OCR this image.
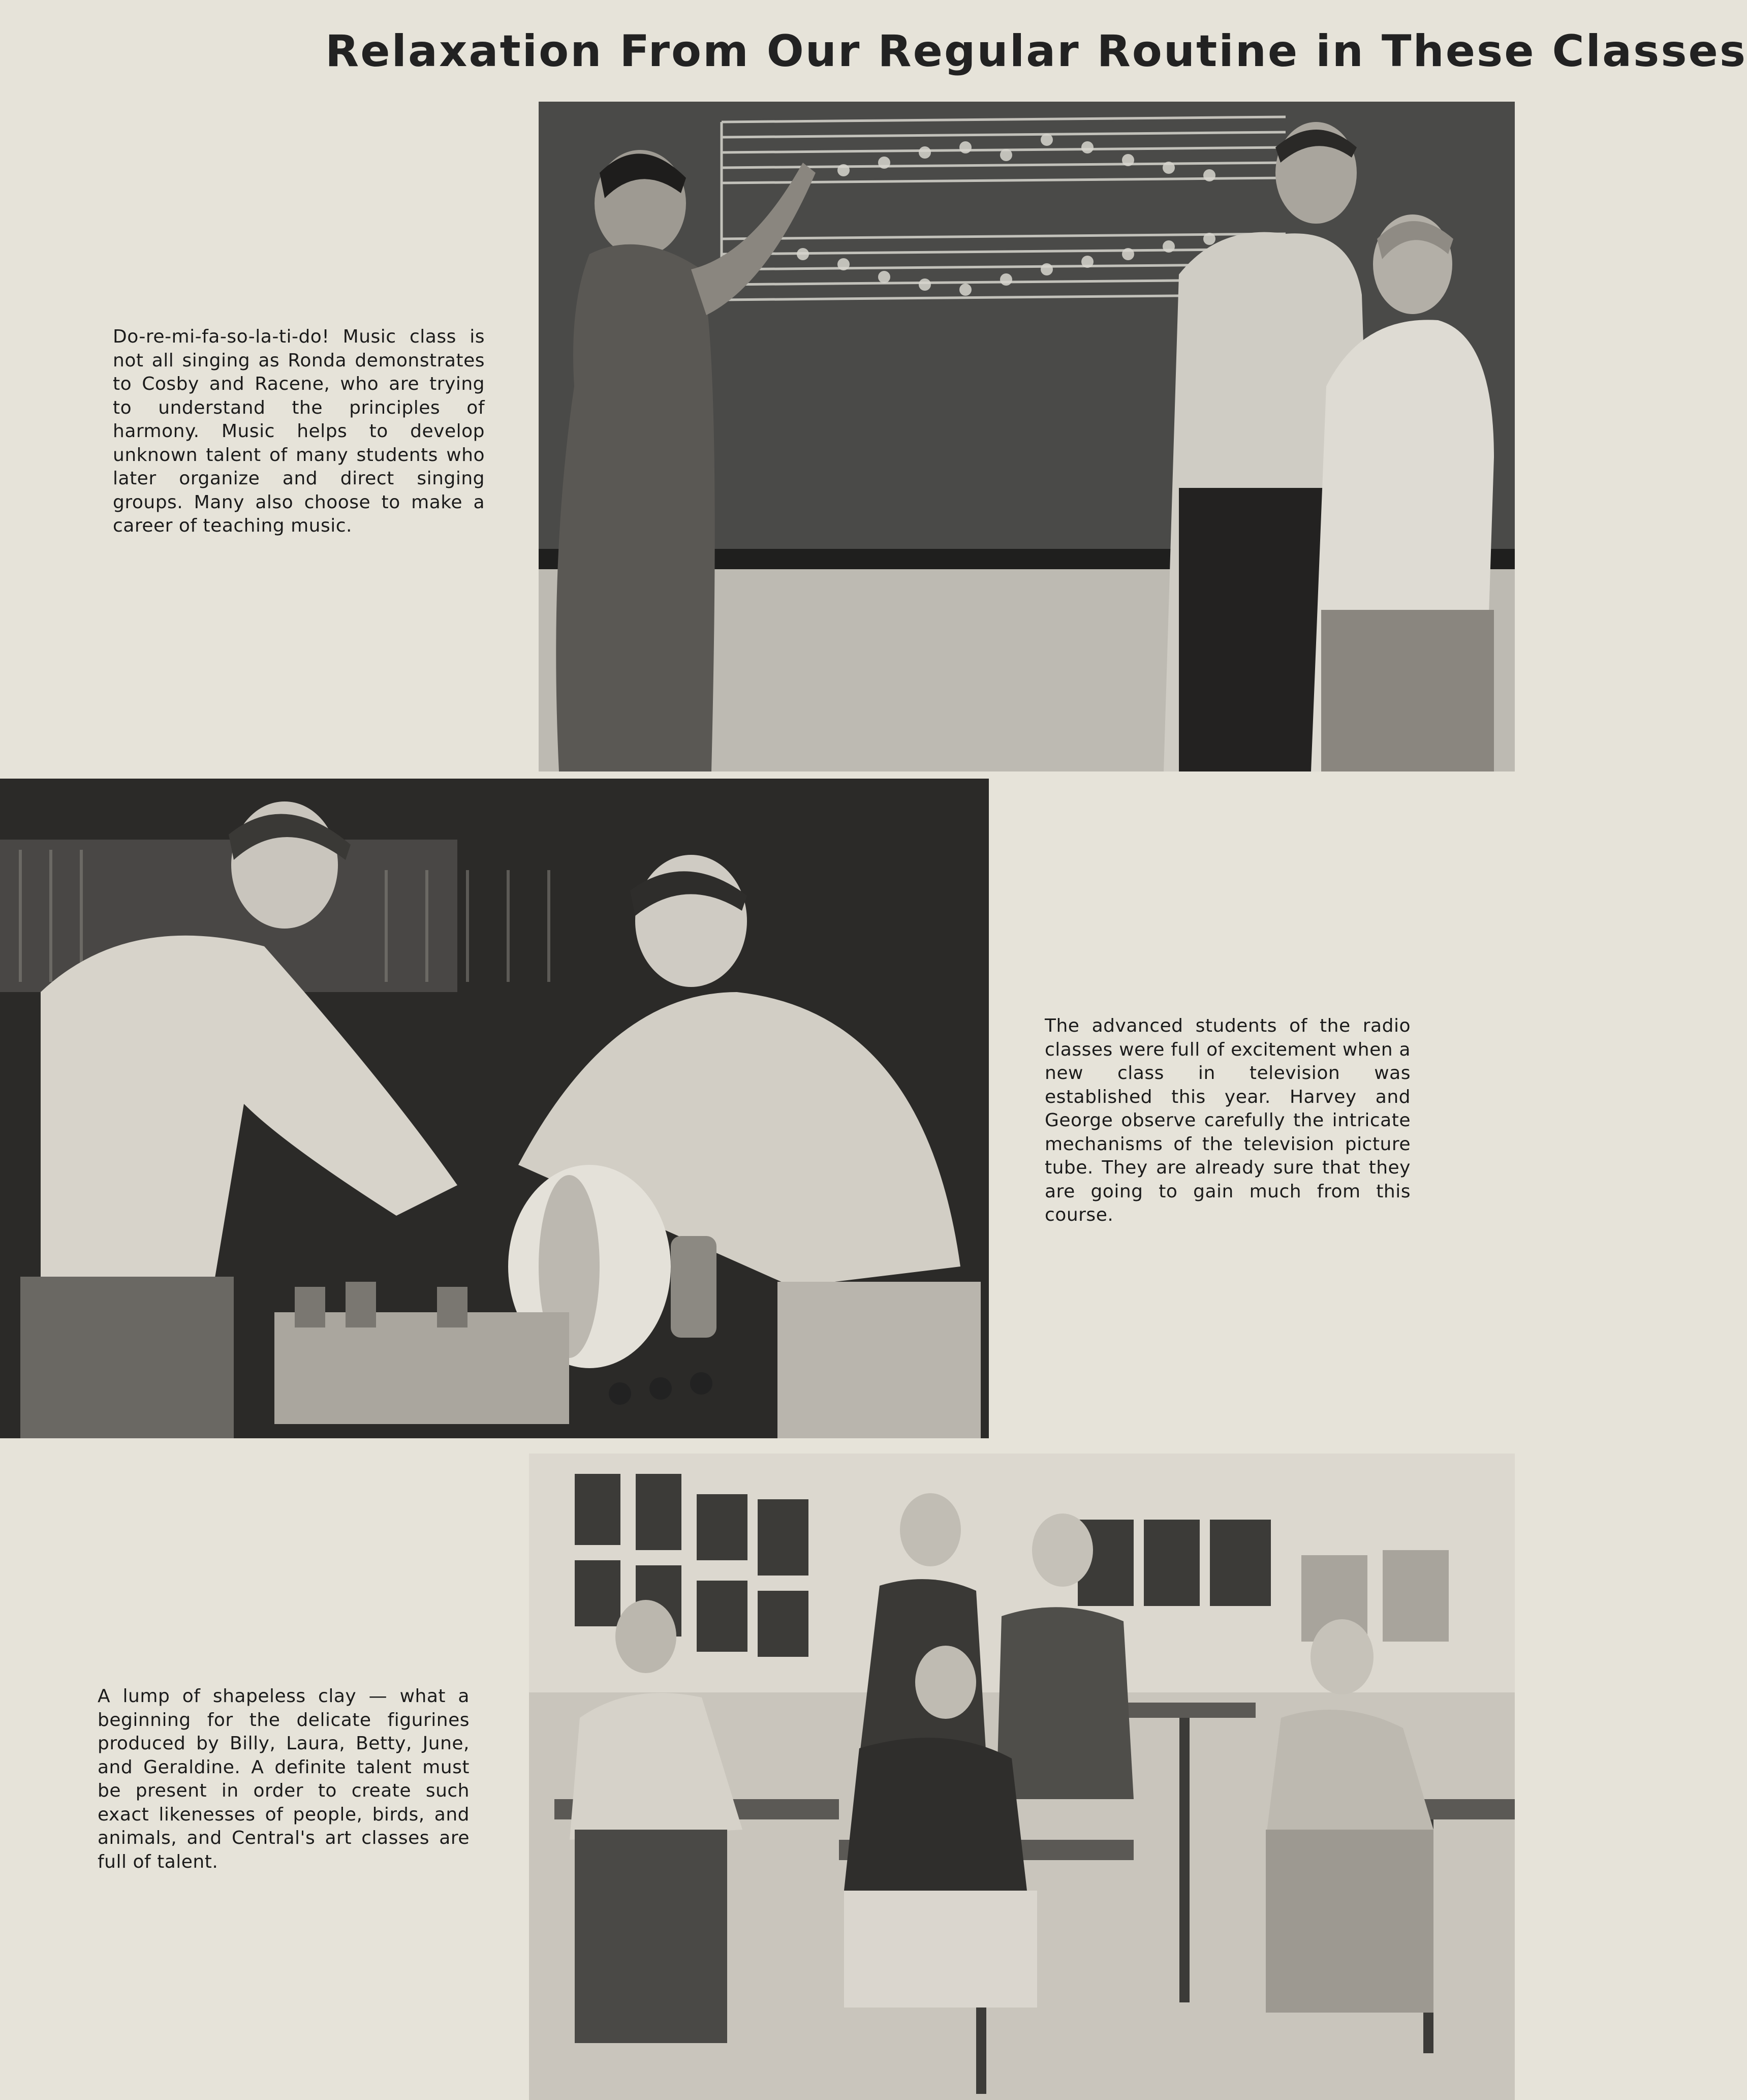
Relaxation From Our Regular Routine in These Classes
Do-re-mi-fa-so-la-ti-do! Music class is not all singing as Ronda demonstrates to Cosby and Racene, who are trying to understand the principles of harmony. Music helps to develop unknown talent of many students who later organize and direct singing groups. Many also choose to make a career of teaching music.
The advanced students of the radio classes were full of excitement when a new class in television was established this year. Harvey and George observe carefully the intricate mechanisms of the television picture tube. They are already sure that they are going to gain much from this course.
A lump of shapeless clay — what a beginning for the delicate figurines produced by Billy, Laura, Betty, June, and Geraldine. A definite talent must be present in order to create such exact likenesses of people, birds, and animals, and Central's art classes are full of talent.
